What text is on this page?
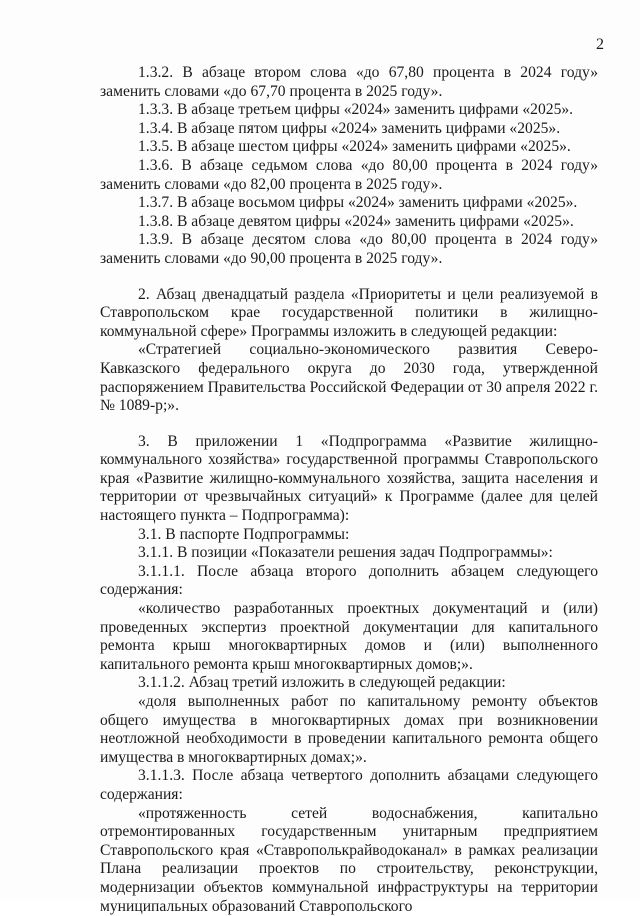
2

1.3.2. В абзаце втором слова «до 67,80 процента в 2024 году» заменить словами «до 67,70 процента в 2025 году».

1.3.3. В абзаце третьем цифры «2024» заменить цифрами «2025».

1.3.4. В абзаце пятом цифры «2024» заменить цифрами «2025».

1.3.5. В абзаце шестом цифры «2024» заменить цифрами «2025».

1.3.6. В абзаце седьмом слова «до 80,00 процента в 2024 году» заменить словами «до 82,00 процента в 2025 году».

1.3.7. В абзаце восьмом цифры «2024» заменить цифрами «2025».

1.3.8. В абзаце девятом цифры «2024» заменить цифрами «2025».

1.3.9. В абзаце десятом слова «до 80,00 процента в 2024 году» заменить словами «до 90,00 процента в 2025 году».

2. Абзац двенадцатый раздела «Приоритеты и цели реализуемой в Ставропольском крае государственной политики в жилищно-коммунальной сфере» Программы изложить в следующей редакции:

«Стратегией социально-экономического развития Северо-Кавказского федерального округа до 2030 года, утвержденной распоряжением Правительства Российской Федерации от 30 апреля 2022 г. № 1089-р;».

3. В приложении 1 «Подпрограмма «Развитие жилищно-коммунального хозяйства» государственной программы Ставропольского края «Развитие жилищно-коммунального хозяйства, защита населения и территории от чрезвычайных ситуаций» к Программе (далее для целей настоящего пункта – Подпрограмма):

3.1. В паспорте Подпрограммы:

3.1.1. В позиции «Показатели решения задач Подпрограммы»:

3.1.1.1. После абзаца второго дополнить абзацем следующего содержания:

«количество разработанных проектных документаций и (или) проведенных экспертиз проектной документации для капитального ремонта крыш многоквартирных домов и (или) выполненного капитального ремонта крыш многоквартирных домов;».

3.1.1.2. Абзац третий изложить в следующей редакции:

«доля выполненных работ по капитальному ремонту объектов общего имущества в многоквартирных домах при возникновении неотложной необходимости в проведении капитального ремонта общего имущества в многоквартирных домах;».

3.1.1.3. После абзаца четвертого дополнить абзацами следующего содержания:

«протяженность сетей водоснабжения, капитально отремонтированных государственным унитарным предприятием Ставропольского края «Ставрополькрайводоканал» в рамках реализации Плана реализации проектов по строительству, реконструкции, модернизации объектов коммунальной инфраструктуры на территории муниципальных образований Ставропольского
